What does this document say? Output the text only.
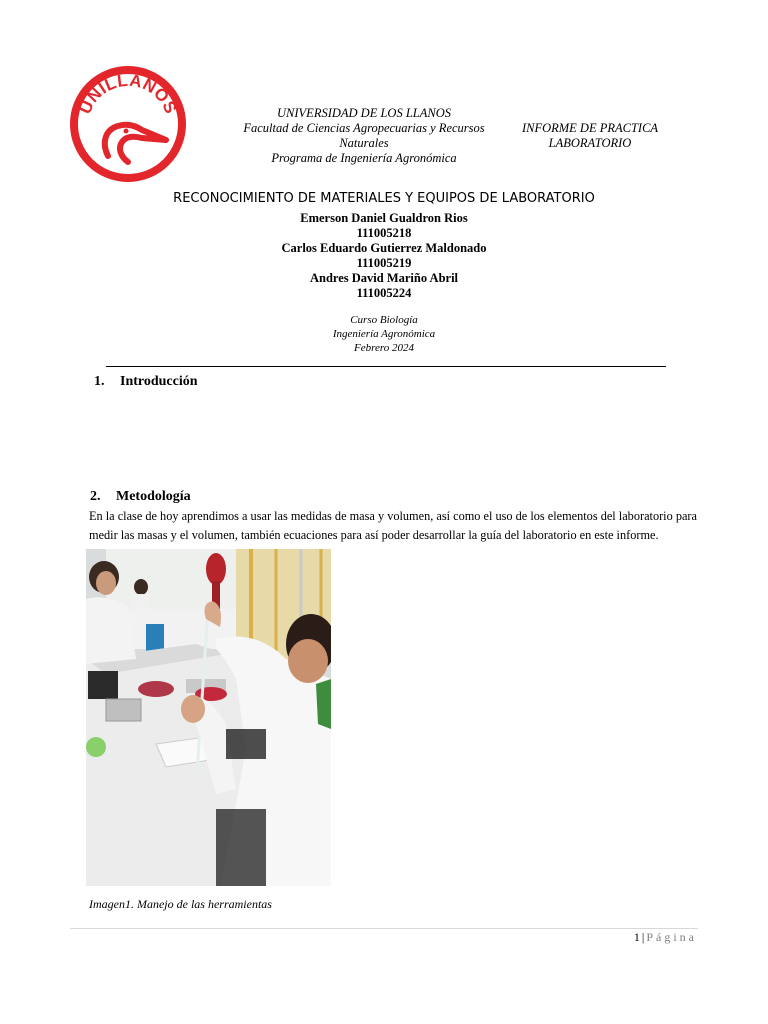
UNILLANOS	UNIVERSIDAD DE LOS LLANOS
Facultad de Ciencias Agropecuarias y Recursos
Naturales
Programa de Ingeniería Agronómica
INFORME DE PRACTICA
LABORATORIO
RECONOCIMIENTO DE MATERIALES Y EQUIPOS DE LABORATORIO
Emerson Daniel Gualdron Rios
111005218
Carlos Eduardo Gutierrez Maldonado
111005219
Andres David Mariño Abril
111005224
Curso Biología
Ingeniería Agronómica
Febrero 2024
1. Introducción
2. Metodología
En la clase de hoy aprendimos a usar las medidas de masa y volumen, así como el uso de los elementos del laboratorio para medir las masas y el volumen, también ecuaciones para así poder desarrollar la guía del laboratorio en este informe.
Imagen1. Manejo de las herramientas
1 | Página
